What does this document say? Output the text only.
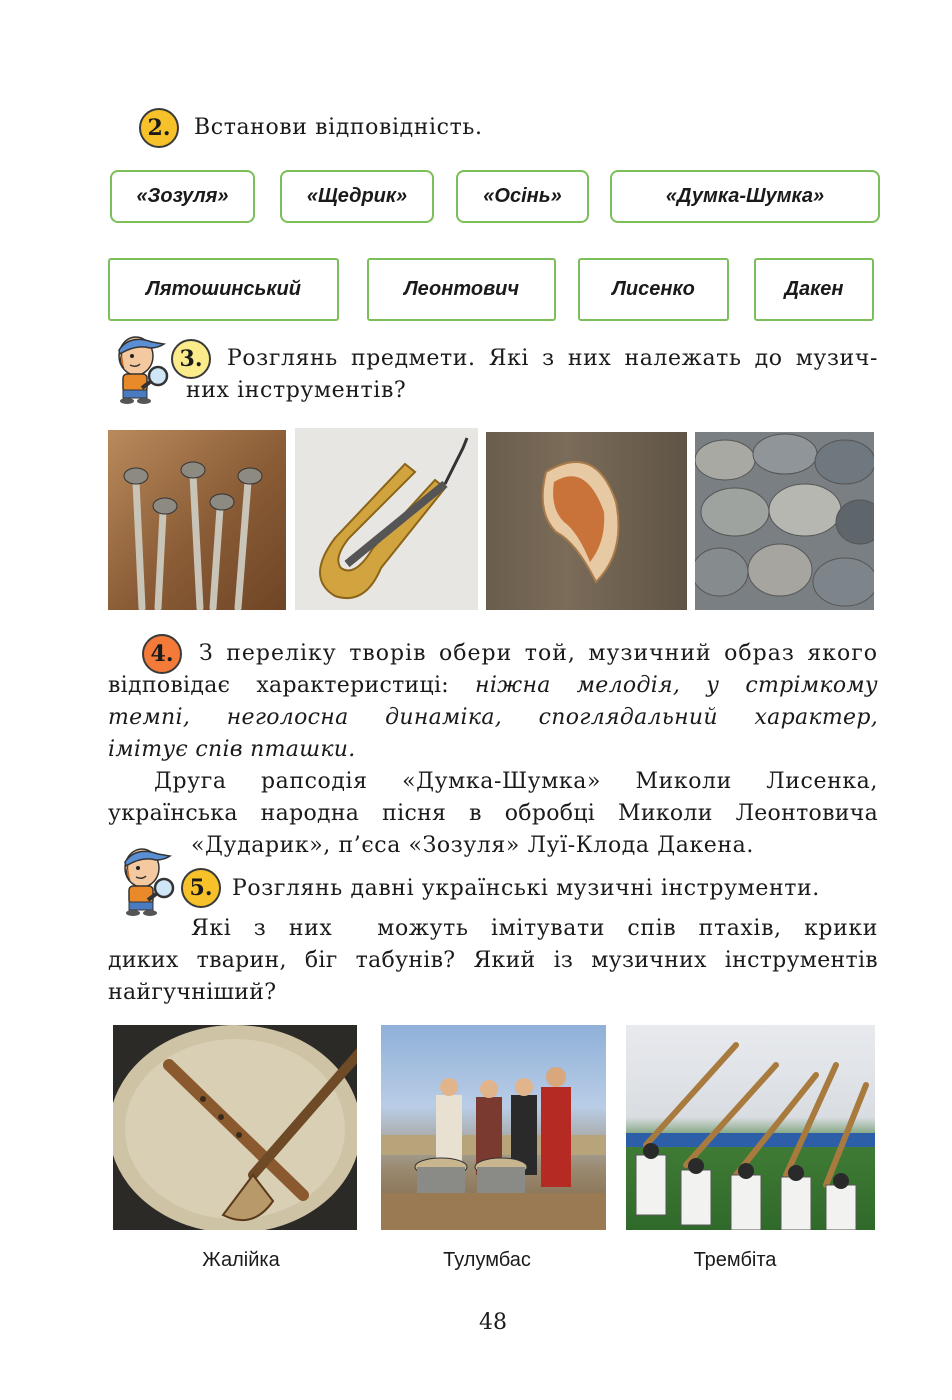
2.	Встанови відповідність.
«Зозуля»	«Щедрик»	«Осінь»	«Думка-Шумка»
Лятошинський	Леонтович	Лисенко	Дакен
3.	Розглянь предмети. Які з них належать до музич-
них інструментів?
4.	З переліку творів обери той, музичний образ якого
відповідає характеристиці: ніжна мелодія, у стрімкому
темпі, неголосна динаміка, споглядальний характер,
імітує спів пташки.
Друга рапсодія «Думка-Шумка» Миколи Лисенка,
українська народна пісня в обробці Миколи Леонтовича
«Дударик», п’єса «Зозуля» Луї-Клода Дакена.
5. Розглянь давні українські музичні інструменти.
Які з них  можуть імітувати спів птахів, крики
диких тварин, біг табунів? Який із музичних інструментів
найгучніший?
Жалійка	Тулумбас	Трембіта
48
